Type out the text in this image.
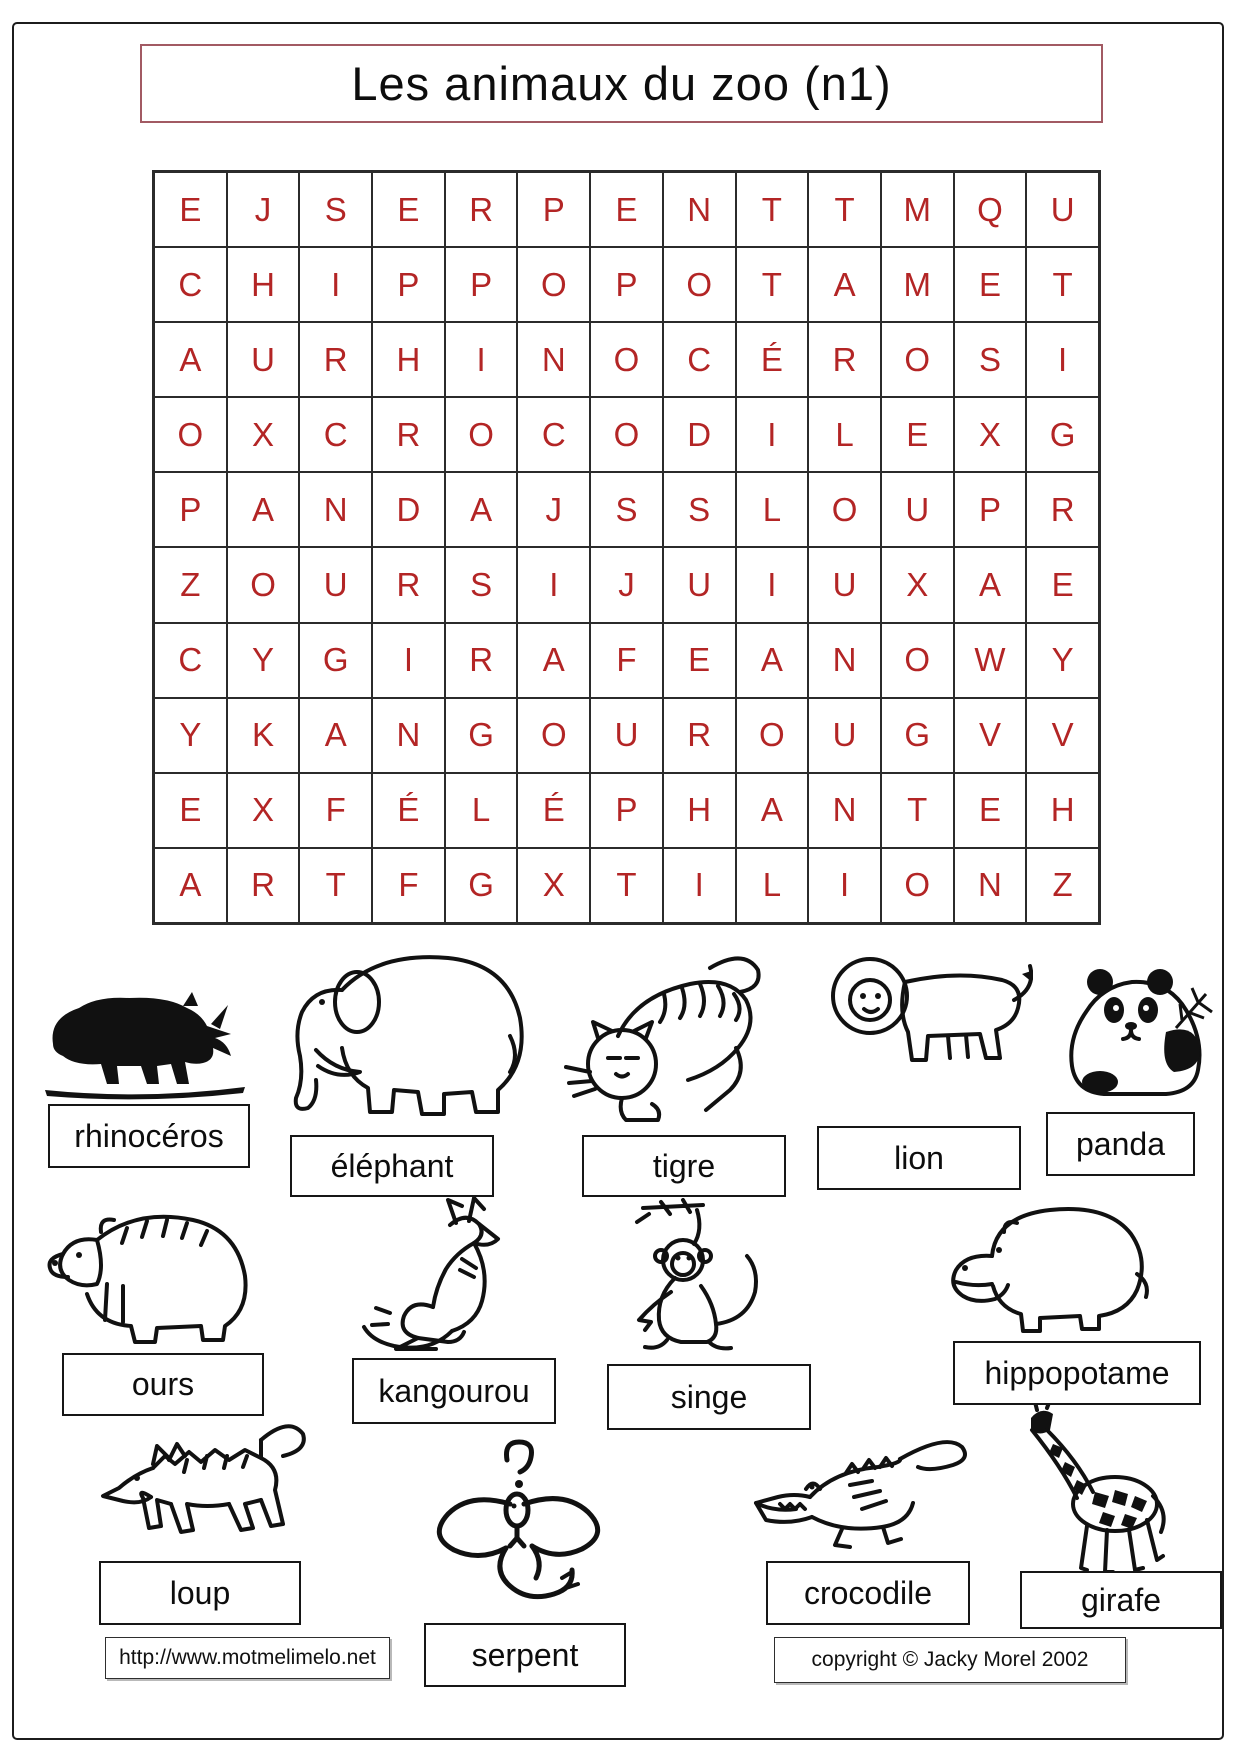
Les animaux du zoo (n1)
E	J	S	E	R	P	E	N	T	T	M	Q	U
C	H	I	P	P	O	P	O	T	A	M	E	T
A	U	R	H	I	N	O	C	É	R	O	S	I
O	X	C	R	O	C	O	D	I	L	E	X	G
P	A	N	D	A	J	S	S	L	O	U	P	R
Z	O	U	R	S	I	J	U	I	U	X	A	E
C	Y	G	I	R	A	F	E	A	N	O	W	Y
Y	K	A	N	G	O	U	R	O	U	G	V	V
E	X	F	É	L	É	P	H	A	N	T	E	H
A	R	T	F	G	X	T	I	L	I	O	N	Z
rhinocéros
éléphant	tigre	lion	panda
ours	kangourou	singe
hippopotame
loup
serpent
crocodile	girafe
http://www.motmelimelo.net	copyright © Jacky Morel 2002
